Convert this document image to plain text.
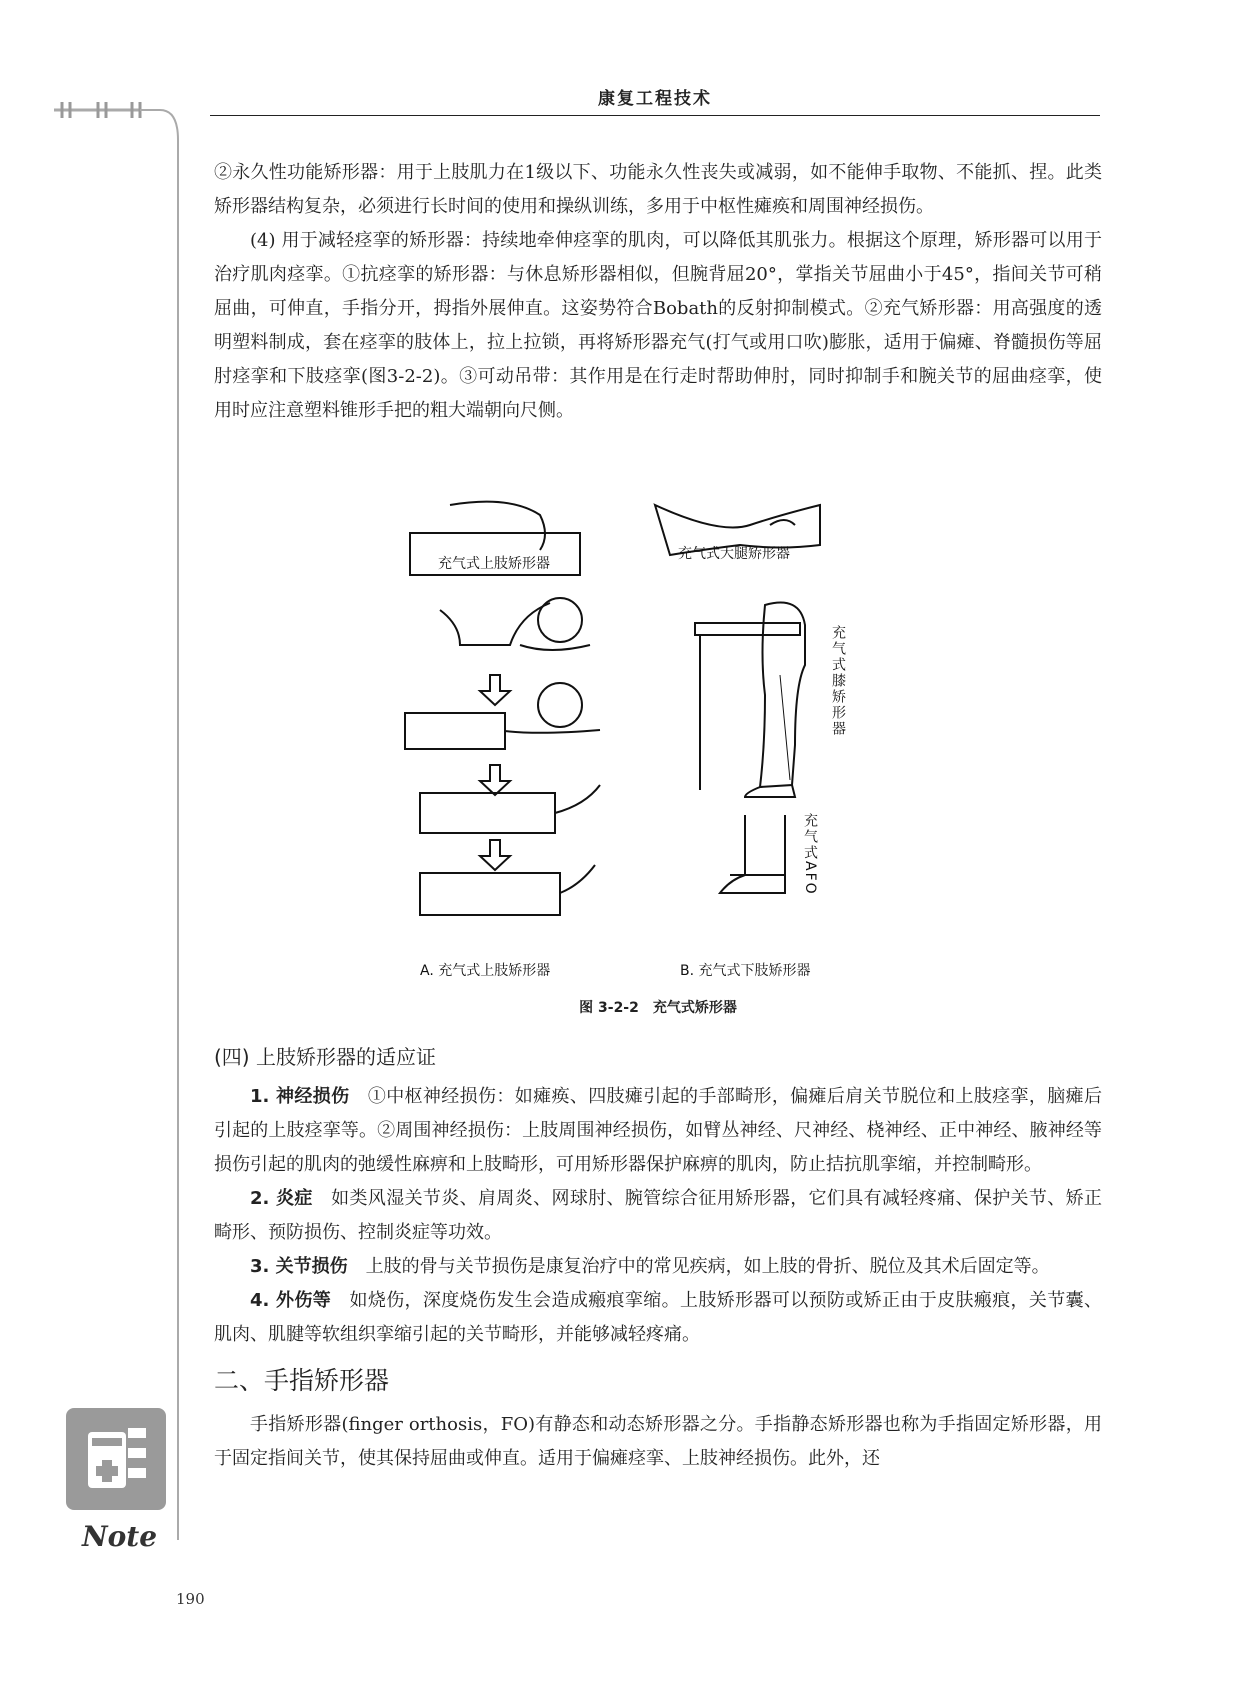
康复工程技术

②永久性功能矫形器：用于上肢肌力在1级以下、功能永久性丧失或减弱，如不能伸手取物、不能抓、捏。此类矫形器结构复杂，必须进行长时间的使用和操纵训练，多用于中枢性瘫痪和周围神经损伤。

(4) 用于减轻痉挛的矫形器：持续地牵伸痉挛的肌肉，可以降低其肌张力。根据这个原理，矫形器可以用于治疗肌肉痉挛。①抗痉挛的矫形器：与休息矫形器相似，但腕背屈20°，掌指关节屈曲小于45°，指间关节可稍屈曲，可伸直，手指分开，拇指外展伸直。这姿势符合Bobath的反射抑制模式。②充气矫形器：用高强度的透明塑料制成，套在痉挛的肢体上，拉上拉锁，再将矫形器充气(打气或用口吹)膨胀，适用于偏瘫、脊髓损伤等屈肘痉挛和下肢痉挛(图3-2-2)。③可动吊带：其作用是在行走时帮助伸肘，同时抑制手和腕关节的屈曲痉挛，使用时应注意塑料锥形手把的粗大端朝向尺侧。

充气式上肢矫形器
充气式大腿矫形器
充气式膝矫形器
充气式AFO
A. 充气式上肢矫形器	B. 充气式下肢矫形器
图 3-2-2　充气式矫形器

(四) 上肢矫形器的适应证

1. 神经损伤　 ①中枢神经损伤：如瘫痪、四肢瘫引起的手部畸形，偏瘫后肩关节脱位和上肢痉挛，脑瘫后引起的上肢痉挛等。②周围神经损伤：上肢周围神经损伤，如臂丛神经、尺神经、桡神经、正中神经、腋神经等损伤引起的肌肉的弛缓性麻痹和上肢畸形，可用矫形器保护麻痹的肌肉，防止拮抗肌挛缩，并控制畸形。

2. 炎症　 如类风湿关节炎、肩周炎、网球肘、腕管综合征用矫形器，它们具有减轻疼痛、保护关节、矫正畸形、预防损伤、控制炎症等功效。

3. 关节损伤　 上肢的骨与关节损伤是康复治疗中的常见疾病，如上肢的骨折、脱位及其术后固定等。

4. 外伤等　 如烧伤，深度烧伤发生会造成瘢痕挛缩。上肢矫形器可以预防或矫正由于皮肤瘢痕，关节囊、肌肉、肌腱等软组织挛缩引起的关节畸形，并能够减轻疼痛。

二、手指矫形器

手指矫形器(finger orthosis，FO)有静态和动态矫形器之分。手指静态矫形器也称为手指固定矫形器，用于固定指间关节，使其保持屈曲或伸直。适用于偏瘫痉挛、上肢神经损伤。此外，还

Note
190
